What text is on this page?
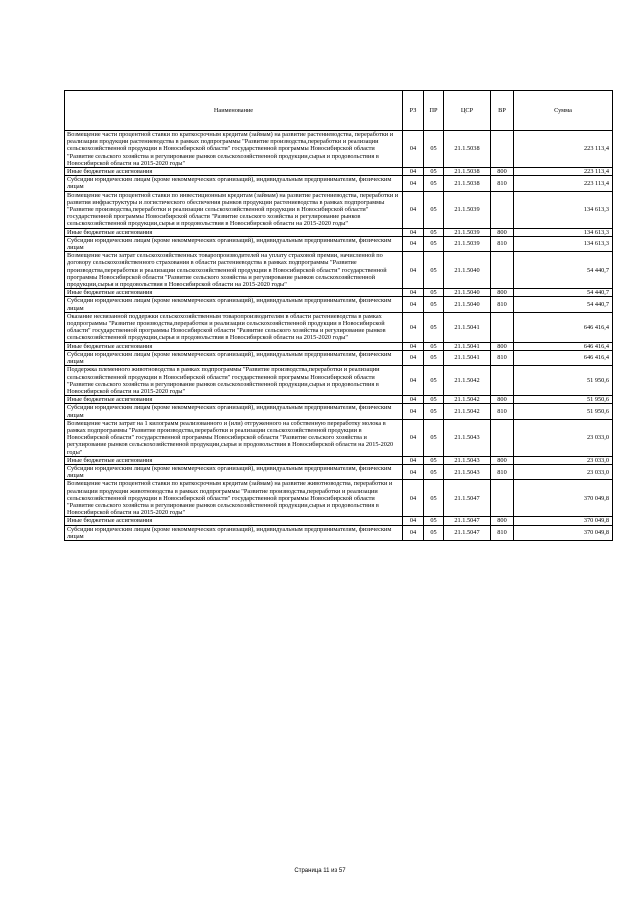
Наименование	РЗ	ПР	ЦСР	ВР	Сумма
Возмещение части процентной ставки по краткосрочным кредитам (займам) на развитие растениеводства, переработки и реализации продукции растениеводства в рамках подпрограммы "Развитие производства,переработки и реализации сельскохозяйственной продукции в Новосибирской области" государственной программы Новосибирской области "Развитие сельского хозяйства и регулирование рынков сельскохозяйственной продукции,сырья и продовольствия в Новосибирской области на 2015-2020 годы"	04	05	21.1.5038		223 113,4
Иные бюджетные ассигнования	04	05	21.1.5038	800	223 113,4
Субсидии юридическим лицам (кроме некоммерческих организаций), индивидуальным предпринимателям, физическим лицам	04	05	21.1.5038	810	223 113,4
Возмещение части процентной ставки по инвестиционным кредитам (займам) на развитие растениеводства, переработки и развития инфраструктуры и логистического обеспечения рынков продукции растениеводства в рамках подпрограммы "Развитие производства,переработки и реализации сельскохозяйственной продукции в Новосибирской области" государственной программы Новосибирской области "Развитие сельского хозяйства и регулирование рынков сельскохозяйственной продукции,сырья и продовольствия в Новосибирской области на 2015-2020 годы"	04	05	21.1.5039		134 613,3
Иные бюджетные ассигнования	04	05	21.1.5039	800	134 613,3
Субсидии юридическим лицам (кроме некоммерческих организаций), индивидуальным предпринимателям, физическим лицам	04	05	21.1.5039	810	134 613,3
Возмещение части затрат сельскохозяйственных товаропроизводителей на уплату страховой премии, начисленной по договору сельскохозяйственного страхования в области растениеводства в рамках подпрограммы "Развитие производства,переработки и реализации сельскохозяйственной продукции в Новосибирской области" государственной программы Новосибирской области "Развитие сельского хозяйства и регулирование рынков сельскохозяйственной продукции,сырья и продовольствия в Новосибирской области на 2015-2020 годы"	04	05	21.1.5040		54 440,7
Иные бюджетные ассигнования	04	05	21.1.5040	800	54 440,7
Субсидии юридическим лицам (кроме некоммерческих организаций), индивидуальным предпринимателям, физическим лицам	04	05	21.1.5040	810	54 440,7
Оказание несвязанной поддержки сельскохозяйственным товаропроизводителям в области растениеводства в рамках подпрограммы "Развитие производства,переработки и реализации сельскохозяйственной продукции в Новосибирской области" государственной программы Новосибирской области "Развитие сельского хозяйства и регулирование рынков сельскохозяйственной продукции,сырья и продовольствия в Новосибирской области на 2015-2020 годы"	04	05	21.1.5041		646 416,4
Иные бюджетные ассигнования	04	05	21.1.5041	800	646 416,4
Субсидии юридическим лицам (кроме некоммерческих организаций), индивидуальным предпринимателям, физическим лицам	04	05	21.1.5041	810	646 416,4
Поддержка племенного животноводства в рамках подпрограммы "Развитие производства,переработки и реализации сельскохозяйственной продукции в Новосибирской области" государственной программы Новосибирской области "Развитие сельского хозяйства и регулирование рынков сельскохозяйственной продукции,сырья и продовольствия в Новосибирской области на 2015-2020 годы"	04	05	21.1.5042		51 950,6
Иные бюджетные ассигнования	04	05	21.1.5042	800	51 950,6
Субсидии юридическим лицам (кроме некоммерческих организаций), индивидуальным предпринимателям, физическим лицам	04	05	21.1.5042	810	51 950,6
Возмещение части затрат на 1 килограмм реализованного и (или) отгруженного на собственную переработку молока в рамках подпрограммы "Развитие производства,переработки и реализации сельскохозяйственной продукции в Новосибирской области" государственной программы Новосибирской области "Развитие сельского хозяйства и регулирование рынков сельскохозяйственной продукции,сырья и продовольствия в Новосибирской области на 2015-2020 годы"	04	05	21.1.5043		23 033,0
Иные бюджетные ассигнования	04	05	21.1.5043	800	23 033,0
Субсидии юридическим лицам (кроме некоммерческих организаций), индивидуальным предпринимателям, физическим лицам	04	05	21.1.5043	810	23 033,0
Возмещение части процентной ставки по краткосрочным кредитам (займам) на развитие животноводства, переработки и реализации продукции животноводства в рамках подпрограммы "Развитие производства,переработки и реализации сельскохозяйственной продукции в Новосибирской области" государственной программы Новосибирской области "Развитие сельского хозяйства и регулирование рынков сельскохозяйственной продукции,сырья и продовольствия в Новосибирской области на 2015-2020 годы"	04	05	21.1.5047		370 049,8
Иные бюджетные ассигнования	04	05	21.1.5047	800	370 049,8
Субсидии юридическим лицам (кроме некоммерческих организаций), индивидуальным предпринимателям, физическим лицам	04	05	21.1.5047	810	370 049,8
Страница 11 из 57
